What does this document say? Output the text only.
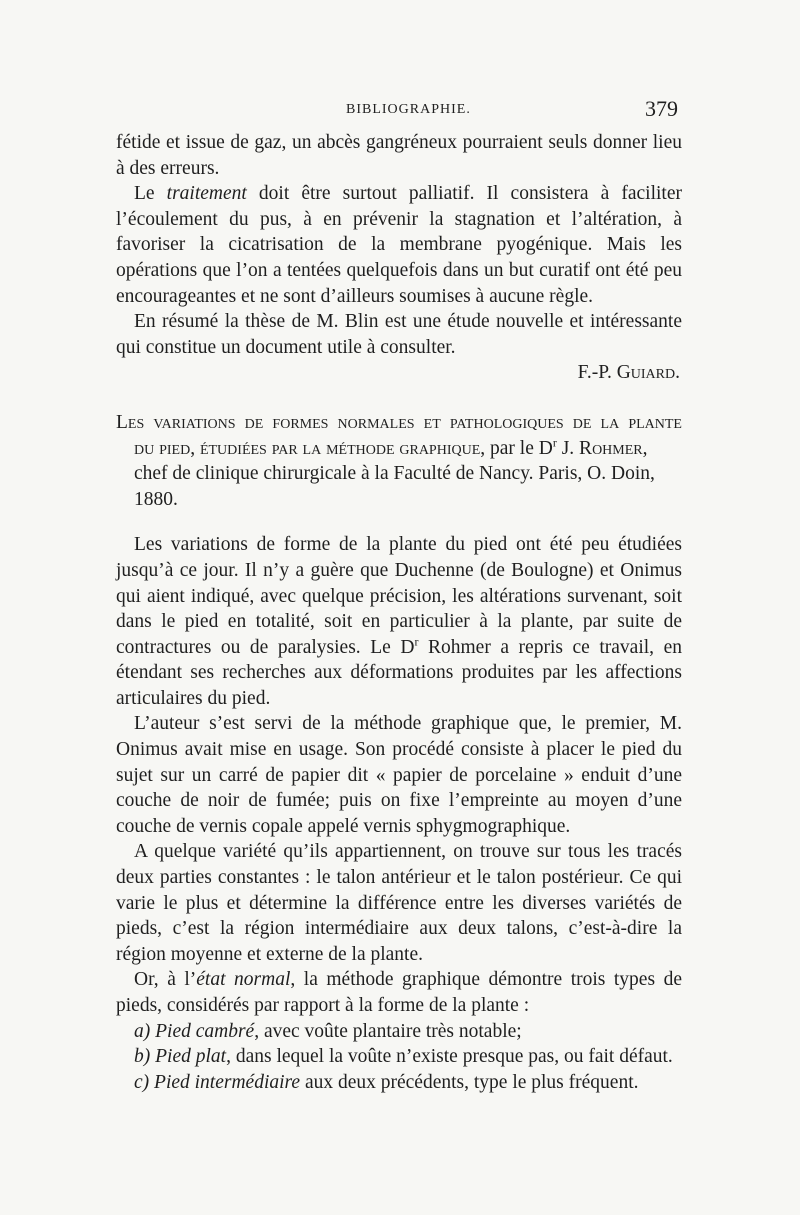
BIBLIOGRAPHIE.	379

fétide et issue de gaz, un abcès gangréneux pourraient seuls donner lieu à des erreurs.

Le traitement doit être surtout palliatif. Il consistera à faciliter l’écoulement du pus, à en prévenir la stagnation et l’altération, à favoriser la cicatrisation de la membrane pyogénique. Mais les opérations que l’on a tentées quelquefois dans un but curatif ont été peu encourageantes et ne sont d’ailleurs soumises à aucune règle.

En résumé la thèse de M. Blin est une étude nouvelle et intéressante qui constitue un document utile à consulter.

F.-P. Guiard.

Les variations de formes normales et pathologiques de la plante
du pied, étudiées par la méthode graphique, par le $D^r$ J. Rohmer,
chef de clinique chirurgicale à la Faculté de Nancy. Paris, O. Doin, 1880.

Les variations de forme de la plante du pied ont été peu étudiées jusqu’à ce jour. Il n’y a guère que Duchenne (de Boulogne) et Onimus qui aient indiqué, avec quelque précision, les altérations survenant, soit dans le pied en totalité, soit en particulier à la plante, par suite de contractures ou de paralysies. Le $D^r$ Rohmer a repris ce travail, en étendant ses recherches aux déformations produites par les affections articulaires du pied.

L’auteur s’est servi de la méthode graphique que, le premier, M. Onimus avait mise en usage. Son procédé consiste à placer le pied du sujet sur un carré de papier dit « papier de porcelaine » enduit d’une couche de noir de fumée; puis on fixe l’empreinte au moyen d’une couche de vernis copale appelé vernis sphygmographique.

A quelque variété qu’ils appartiennent, on trouve sur tous les tracés deux parties constantes : le talon antérieur et le talon postérieur. Ce qui varie le plus et détermine la différence entre les diverses variétés de pieds, c’est la région intermédiaire aux deux talons, c’est-à-dire la région moyenne et externe de la plante.

Or, à l’état normal, la méthode graphique démontre trois types de pieds, considérés par rapport à la forme de la plante :

a) Pied cambré, avec voûte plantaire très notable;

b) Pied plat, dans lequel la voûte n’existe presque pas, ou fait défaut.

c) Pied intermédiaire aux deux précédents, type le plus fréquent.
